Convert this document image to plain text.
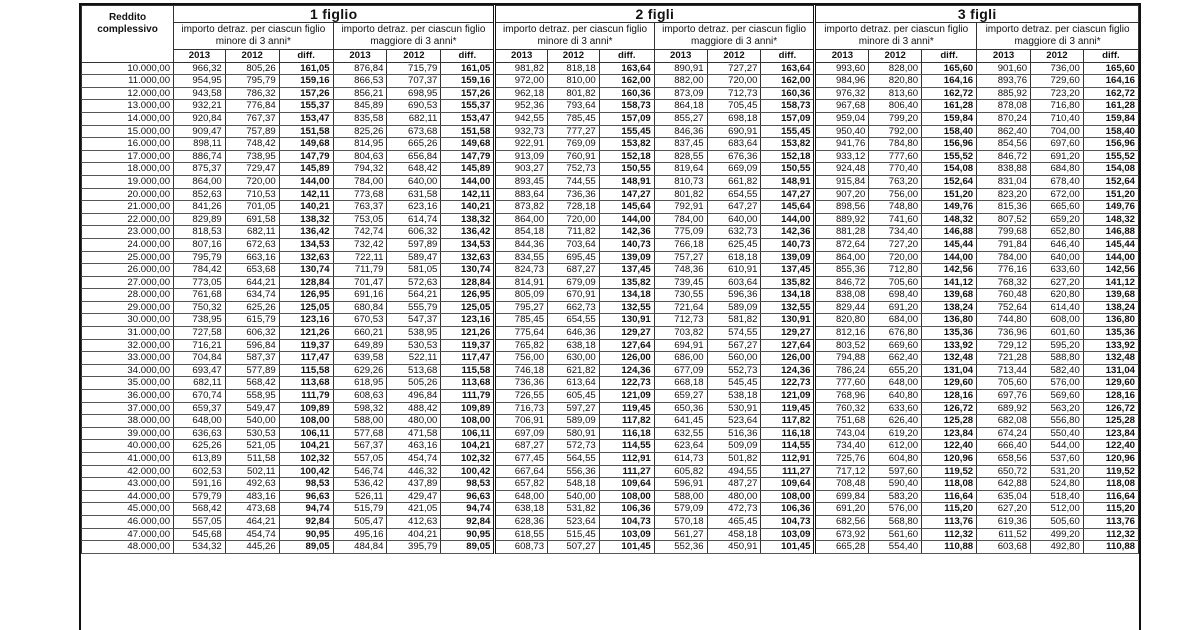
Reddito complessivo	1 figlio						2 figli						3 figli					
	importo detraz. per ciascun figlio minore di 3 anni*			importo detraz. per ciascun figlio maggiore di 3 anni*			importo detraz. per ciascun figlio minore di 3 anni*			importo detraz. per ciascun figlio maggiore di 3 anni*			importo detraz. per ciascun figlio minore di 3 anni*			importo detraz. per ciascun figlio maggiore di 3 anni*		
	2013	2012	diff.	2013	2012	diff.	2013	2012	diff.	2013	2012	diff.	2013	2012	diff.	2013	2012	diff.
10.000,00	966,32	805,26	161,05	876,84	715,79	161,05	981,82	818,18	163,64	890,91	727,27	163,64	993,60	828,00	165,60	901,60	736,00	165,60
11.000,00	954,95	795,79	159,16	866,53	707,37	159,16	972,00	810,00	162,00	882,00	720,00	162,00	984,96	820,80	164,16	893,76	729,60	164,16
12.000,00	943,58	786,32	157,26	856,21	698,95	157,26	962,18	801,82	160,36	873,09	712,73	160,36	976,32	813,60	162,72	885,92	723,20	162,72
13.000,00	932,21	776,84	155,37	845,89	690,53	155,37	952,36	793,64	158,73	864,18	705,45	158,73	967,68	806,40	161,28	878,08	716,80	161,28
14.000,00	920,84	767,37	153,47	835,58	682,11	153,47	942,55	785,45	157,09	855,27	698,18	157,09	959,04	799,20	159,84	870,24	710,40	159,84
15.000,00	909,47	757,89	151,58	825,26	673,68	151,58	932,73	777,27	155,45	846,36	690,91	155,45	950,40	792,00	158,40	862,40	704,00	158,40
16.000,00	898,11	748,42	149,68	814,95	665,26	149,68	922,91	769,09	153,82	837,45	683,64	153,82	941,76	784,80	156,96	854,56	697,60	156,96
17.000,00	886,74	738,95	147,79	804,63	656,84	147,79	913,09	760,91	152,18	828,55	676,36	152,18	933,12	777,60	155,52	846,72	691,20	155,52
18.000,00	875,37	729,47	145,89	794,32	648,42	145,89	903,27	752,73	150,55	819,64	669,09	150,55	924,48	770,40	154,08	838,88	684,80	154,08
19.000,00	864,00	720,00	144,00	784,00	640,00	144,00	893,45	744,55	148,91	810,73	661,82	148,91	915,84	763,20	152,64	831,04	678,40	152,64
20.000,00	852,63	710,53	142,11	773,68	631,58	142,11	883,64	736,36	147,27	801,82	654,55	147,27	907,20	756,00	151,20	823,20	672,00	151,20
21.000,00	841,26	701,05	140,21	763,37	623,16	140,21	873,82	728,18	145,64	792,91	647,27	145,64	898,56	748,80	149,76	815,36	665,60	149,76
22.000,00	829,89	691,58	138,32	753,05	614,74	138,32	864,00	720,00	144,00	784,00	640,00	144,00	889,92	741,60	148,32	807,52	659,20	148,32
23.000,00	818,53	682,11	136,42	742,74	606,32	136,42	854,18	711,82	142,36	775,09	632,73	142,36	881,28	734,40	146,88	799,68	652,80	146,88
24.000,00	807,16	672,63	134,53	732,42	597,89	134,53	844,36	703,64	140,73	766,18	625,45	140,73	872,64	727,20	145,44	791,84	646,40	145,44
25.000,00	795,79	663,16	132,63	722,11	589,47	132,63	834,55	695,45	139,09	757,27	618,18	139,09	864,00	720,00	144,00	784,00	640,00	144,00
26.000,00	784,42	653,68	130,74	711,79	581,05	130,74	824,73	687,27	137,45	748,36	610,91	137,45	855,36	712,80	142,56	776,16	633,60	142,56
27.000,00	773,05	644,21	128,84	701,47	572,63	128,84	814,91	679,09	135,82	739,45	603,64	135,82	846,72	705,60	141,12	768,32	627,20	141,12
28.000,00	761,68	634,74	126,95	691,16	564,21	126,95	805,09	670,91	134,18	730,55	596,36	134,18	838,08	698,40	139,68	760,48	620,80	139,68
29.000,00	750,32	625,26	125,05	680,84	555,79	125,05	795,27	662,73	132,55	721,64	589,09	132,55	829,44	691,20	138,24	752,64	614,40	138,24
30.000,00	738,95	615,79	123,16	670,53	547,37	123,16	785,45	654,55	130,91	712,73	581,82	130,91	820,80	684,00	136,80	744,80	608,00	136,80
31.000,00	727,58	606,32	121,26	660,21	538,95	121,26	775,64	646,36	129,27	703,82	574,55	129,27	812,16	676,80	135,36	736,96	601,60	135,36
32.000,00	716,21	596,84	119,37	649,89	530,53	119,37	765,82	638,18	127,64	694,91	567,27	127,64	803,52	669,60	133,92	729,12	595,20	133,92
33.000,00	704,84	587,37	117,47	639,58	522,11	117,47	756,00	630,00	126,00	686,00	560,00	126,00	794,88	662,40	132,48	721,28	588,80	132,48
34.000,00	693,47	577,89	115,58	629,26	513,68	115,58	746,18	621,82	124,36	677,09	552,73	124,36	786,24	655,20	131,04	713,44	582,40	131,04
35.000,00	682,11	568,42	113,68	618,95	505,26	113,68	736,36	613,64	122,73	668,18	545,45	122,73	777,60	648,00	129,60	705,60	576,00	129,60
36.000,00	670,74	558,95	111,79	608,63	496,84	111,79	726,55	605,45	121,09	659,27	538,18	121,09	768,96	640,80	128,16	697,76	569,60	128,16
37.000,00	659,37	549,47	109,89	598,32	488,42	109,89	716,73	597,27	119,45	650,36	530,91	119,45	760,32	633,60	126,72	689,92	563,20	126,72
38.000,00	648,00	540,00	108,00	588,00	480,00	108,00	706,91	589,09	117,82	641,45	523,64	117,82	751,68	626,40	125,28	682,08	556,80	125,28
39.000,00	636,63	530,53	106,11	577,68	471,58	106,11	697,09	580,91	116,18	632,55	516,36	116,18	743,04	619,20	123,84	674,24	550,40	123,84
40.000,00	625,26	521,05	104,21	567,37	463,16	104,21	687,27	572,73	114,55	623,64	509,09	114,55	734,40	612,00	122,40	666,40	544,00	122,40
41.000,00	613,89	511,58	102,32	557,05	454,74	102,32	677,45	564,55	112,91	614,73	501,82	112,91	725,76	604,80	120,96	658,56	537,60	120,96
42.000,00	602,53	502,11	100,42	546,74	446,32	100,42	667,64	556,36	111,27	605,82	494,55	111,27	717,12	597,60	119,52	650,72	531,20	119,52
43.000,00	591,16	492,63	98,53	536,42	437,89	98,53	657,82	548,18	109,64	596,91	487,27	109,64	708,48	590,40	118,08	642,88	524,80	118,08
44.000,00	579,79	483,16	96,63	526,11	429,47	96,63	648,00	540,00	108,00	588,00	480,00	108,00	699,84	583,20	116,64	635,04	518,40	116,64
45.000,00	568,42	473,68	94,74	515,79	421,05	94,74	638,18	531,82	106,36	579,09	472,73	106,36	691,20	576,00	115,20	627,20	512,00	115,20
46.000,00	557,05	464,21	92,84	505,47	412,63	92,84	628,36	523,64	104,73	570,18	465,45	104,73	682,56	568,80	113,76	619,36	505,60	113,76
47.000,00	545,68	454,74	90,95	495,16	404,21	90,95	618,55	515,45	103,09	561,27	458,18	103,09	673,92	561,60	112,32	611,52	499,20	112,32
48.000,00	534,32	445,26	89,05	484,84	395,79	89,05	608,73	507,27	101,45	552,36	450,91	101,45	665,28	554,40	110,88	603,68	492,80	110,88
